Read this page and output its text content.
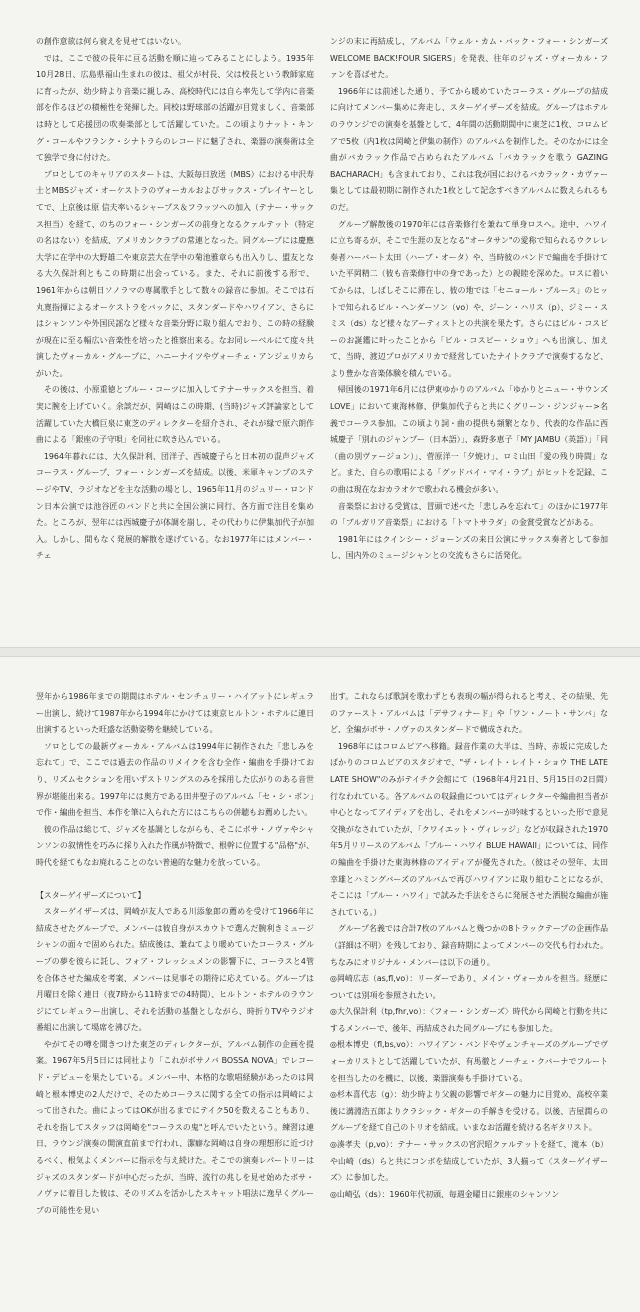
の創作意欲は何ら衰えを見せてはいない。

では、ここで彼の長年に亘る活動を順に辿ってみることにしよう。1935年10月28日、広島県福山生まれの彼は、祖父が村長、父は校長という教師家庭に育ったが、幼少時より音楽に親しみ、高校時代には自ら率先して学内に音楽部を作るほどの積極性を発揮した。同校は野球部の活躍が目覚ましく、音楽部は時として応援団の吹奏楽部として活躍していた。この頃よりナット・キング・コールやフランク・シナトラらのレコードに魅了され、楽器の演奏術は全て独学で身に付けた。

プロとしてのキャリアのスタートは、大阪毎日放送（MBS）における中沢寿士とMBSジャズ・オーケストラのヴォーカルおよびサックス・プレイヤーとしてで、上京後は原 信夫率いるシャープス＆フラッツへの加入（テナー・サックス担当）を経て、のちのフォー・シンガーズの前身となるクァルテット（特定の名はない）を結成、アメリカンクラブの常連となった。同グループには慶應大学に在学中の大野雄二や東京芸大在学中の菊池雅章らも出入りし、盟友となる大久保計利ともこの時期に出会っている。また、それに前後する形で、1961年からは朝日ソノラマの専属歌手として数々の録音に参加。そこでは石丸寛指揮によるオーケストラをバックに、スタンダードやハワイアン、さらにはシャンソンや外国民謡など様々な音楽分野に取り組んでおり、この時の経験が現在に至る幅広い音楽性を培ったと推察出来る。なお同レーベルにて度々共演したヴォーカル・グループに、ハニーナイツやヴォーチェ・アンジェリカらがいた。

その後は、小原重徳とブルー・コーツに加入してテナーサックスを担当、着実に腕を上げていく。余談だが、岡崎はこの時期、(当時)ジャズ評論家として活躍していた大橋巨泉に東芝のディレクターを紹介され、それが縁で原六朗作曲による「銀座の子守唄」を同社に吹き込んでいる。

1964年暮れには、大久保計利、団洋子、西城慶子らと日本初の混声ジャズコーラス・グループ、フォー・シンガーズを結成。以後、米軍キャンプのステージやTV、ラジオなどを主な活動の場とし、1965年11月のジュリー・ロンドン日本公演では池谷匠のバンドと共に全国公演に同行、各方面で注目を集めた。ところが、翌年には西城慶子が体調を崩し、その代わりに伊集加代子が加入。しかし、間もなく発展的解散を遂げている。なお1977年にはメンバー・チェ

ンジの末に再結成し、アルバム「ウェル・カム・バック・フォー・シンガーズ WELCOME BACK!FOUR SIGERS」を発表、往年のジャズ・ヴォーカル・ファンを喜ばせた。

1966年には前述した通り、予てから暖めていたコーラス・グループの結成に向けてメンバー集めに奔走し、スターゲイザーズを結成。グループはホテルのラウンジでの演奏を基盤として、4年間の活動期間中に東芝に1枚、コロムビアで5枚（内1枚は岡崎と伊集の制作）のアルバムを制作した。そのなかには全曲がバカラック作品で占められたアルバム「バカラックを歌う GAZING BACHARACH」も含まれており、これは我が国におけるバカラック・カヴァー集としては最初期に制作された1枚として記念すべきアルバムに数えられるものだ。

グループ解散後の1970年には音楽修行を兼ねて単身ロスへ。途中、ハワイに立ち寄るが、そこで生涯の友となる"オータサン"の愛称で知られるウクレレ奏者ハーバート太田（ハーブ・オータ）や、当時彼のバンドで編曲を手掛けていた平岡精二（彼も音楽修行中の身であった）との親睦を深めた。ロスに着いてからは、しばしそこに滞在し、彼の地では「セニョール・ブルース」のヒットで知られるビル・ヘンダーソン（vo）や、ジーン・ハリス（p）、ジミー・スミス（ds）など様々なアーティストとの共演を果たす。さらにはビル・コスビーのお誕鑑に叶ったことから「ビル・コスビー・ショウ」へも出演し、加えて、当時、渡辺プロがアメリカで経営していたナイトクラブで演奏するなど、より豊かな音楽体験を積んでいる。

帰国後の1971年6月には伊東ゆかりのアルバム「ゆかりとニュー・サウンズLOVE」において東海林修、伊集加代子らと共にくグリーン・ジンジャー>名義でコーラス参加。この頃より詞・曲の提供も頻繁となり、代表的な作品に西城慶子「別れのジャンプー（日本語）」、森野多恵子「MY JAMBU（英語）」「同（曲の別ヴァージョン）」、菅原洋一「夕焼け」、ロミ山田「愛の残り時間」など。また、自らの歌唱による「グッドバイ・マイ・ラブ」がヒットを記録、この曲は現在なおカラオケで歌われる機会が多い。

音楽祭における受賞は、冒頭で述べた「悲しみを忘れて」のほかに1977年の「ブルガリア音楽祭」における「トマトサラダ」の金賞受賞などがある。

1981年にはクインシー・ジョーンズの来日公演にサックス奏者として参加し、国内外のミュージシャンとの交流もさらに活発化。

翌年から1986年までの期間はホテル・センチュリー・ハイアットにレギュラー出演し、続けて1987年から1994年にかけては東京ヒルトン・ホテルに連日出演するといった旺盛な活動姿勢を継続している。

ソロとしての最新ヴォーカル・アルバムは1994年に制作された「悲しみを忘れて」で、ここでは過去の作品のリメイクを含む全作・編曲を手掛けており、リズムセクションを用いずストリングスのみを採用した広がりのある音世界が堪能出来る。1997年には奥方である田井聖子のアルバム「セ・シ・ボン」で作・編曲を担当、本作を筆に入られた方にはこちらの併聴もお薦めしたい。

彼の作品は総じて、ジャズを基調としながらも、そこにボサ・ノヴァやシャンソンの叙情性を巧みに採り入れた作風が特徴で、根幹に位置する"品格"が、時代を経てもなお廃れることのない普遍的な魅力を放っている。

【スターゲイザーズについて】

スターゲイザーズは、岡崎が友人である川添象郎の薦めを受けて1966年に結成させたグループで、メンバーは彼自身がスカウトで選んだ腕利きミュージシャンの面々で固められた。結成後は、兼ねてより暖めていたコーラス・グループの夢を彼らに託し、フォア・フレッシュメンの影響下に、コーラスと4管を合体させた編成を考案、メンバーは見事その期待に応えている。グループは月曜日を除く連日（夜7時から11時までの4時間）、ヒルトン・ホテルのラウンジにてレギュラー出演し、それを活動の基盤としながら、時折りTVやラジオ番組に出演して場席を沸びた。

やがてその噂を聞きつけた東芝のディレクターが、アルバム制作の企画を提案。1967年5月5日には同社より「これがボサノバ BOSSA NOVA」でレコード・デビューを果たしている。メンバー中、本格的な歌唱経験があったのは岡崎と根本博史の2人だけで、そのためコーラスに関する全ての指示は岡崎によって出された。曲によってはOKが出るまでにテイク50を数えることもあり、それを指してスタッフは岡崎を"コーラスの鬼"と呼んでいたという。練習は連日、ラウンジ演奏の開演直前まで行われ、潔癖な岡崎は自身の理想形に近づけるべく、根気よくメンバーに指示を与え続けた。そこでの演奏レパートリーはジャズのスタンダードが中心だったが、当時、流行の兆しを見せ始めたボサ・ノヴァに着目した彼は、そのリズムを活かしたスキャット唱法に逸早くグループの可能性を見い

出す。これならば歌詞を歌わずとも表現の幅が得られると考え、その結果、先のファースト・アルバムは「デサフィナード」や「ワン・ノート・サンバ」など、全編がボサ・ノヴァのスタンダードで構成された。

1968年にはコロムビアへ移籍。録音作業の大半は、当時、赤坂に完成したばかりのコロムビアのスタジオで、"ザ・レイト・レイト・ショウ THE LATE LATE SHOW"のみがテイチク会館にて（1968年4月21日、5月15日の2日間）行なわれている。各アルバムの収録曲についてはディレクターや編曲担当者が中心となってアイディアを出し、それをメンバーが吟味するといった形で意見交換がなされていたが、「クワイエット・ヴィレッジ」などが収録された1970年5月リリースのアルバム「ブルー・ハワイ BLUE HAWAII」については、同作の編曲を手掛けた東海林修のアイディアが優先された。（彼はその翌年、太田幸雄とハミングバーズのアルバムで再びハワイアンに取り組むことになるが、そこには「ブルー・ハワイ」で試みた手法をさらに発展させた洒脱な編曲が施されている。）

グループ名義では合計7枚のアルバムと幾つかの8トラックテープの企画作品（詳細は不明）を残しており、録音時期によってメンバーの交代も行われた。ちなみにオリジナル・メンバーは以下の通り。

◎岡崎広志（as,fl,vo）：リーダーであり、メイン・ヴォーカルを担当。経歴については別項を参照されたい。

◎大久保計利（tp,fhr,vo）：〈フォー・シンガーズ〉時代から岡崎と行動を共にするメンバーで、後年、再結成された同グループにも参加した。

◎根本博史（fl,bs,vo）：ハワイアン・バンドやヴェンチャーズのグループでヴォーカリストとして活躍していたが、有馬徹とノーチェ・クバーナでフルートを担当したのを機に、以後、楽器演奏も手掛けている。

◎杉本喜代志（g）：幼少時より父親の影響でギターの魅力に目覚め、高校卒業後に溝淵浩五郎よりクラシック・ギターの手解きを受ける。以後、吉屋潤らのグループを経て自己のトリオを結成。いまなお活躍を続ける名ギタリスト。

◎湊孝夫（p,vo）：テナー・サックスの宮沢昭クァルテットを経て、滝本（b）や山崎（ds）らと共にコンボを結成していたが、3人揃って〈スターゲイザーズ〉に参加した。

◎山崎弘（ds）：1960年代初頭、毎週金曜日に銀座のシャンソン
